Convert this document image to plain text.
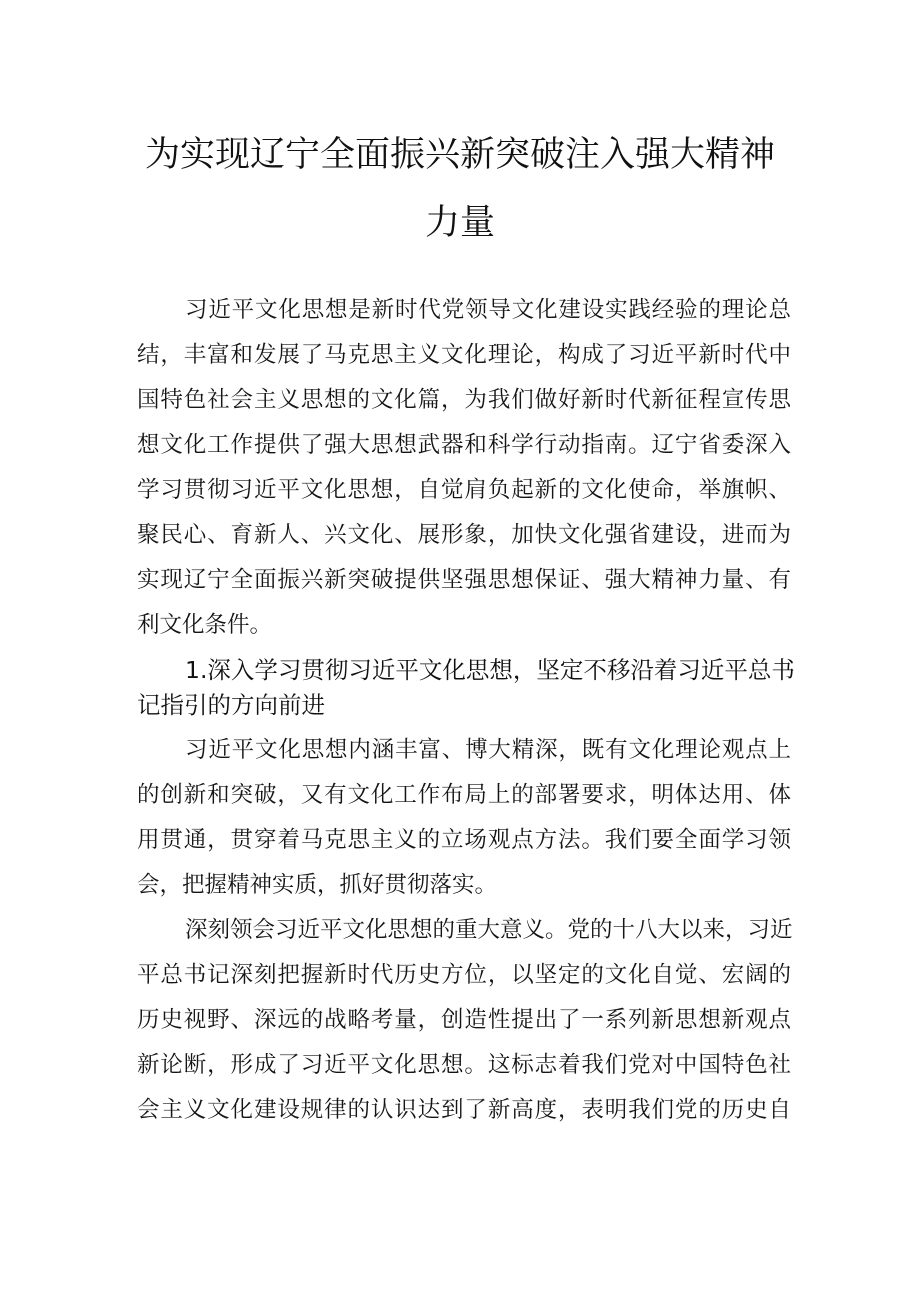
为实现辽宁全面振兴新突破注入强大精神
力量
习近平文化思想是新时代党领导文化建设实践经验的理论总
结，丰富和发展了马克思主义文化理论，构成了习近平新时代中
国特色社会主义思想的文化篇，为我们做好新时代新征程宣传思
想文化工作提供了强大思想武器和科学行动指南。辽宁省委深入
学习贯彻习近平文化思想，自觉肩负起新的文化使命，举旗帜、
聚民心、育新人、兴文化、展形象，加快文化强省建设，进而为
实现辽宁全面振兴新突破提供坚强思想保证、强大精神力量、有
利文化条件。
1.深入学习贯彻习近平文化思想，坚定不移沿着习近平总书
记指引的方向前进
习近平文化思想内涵丰富、博大精深，既有文化理论观点上
的创新和突破，又有文化工作布局上的部署要求，明体达用、体
用贯通，贯穿着马克思主义的立场观点方法。我们要全面学习领
会，把握精神实质，抓好贯彻落实。
深刻领会习近平文化思想的重大意义。党的十八大以来，习近
平总书记深刻把握新时代历史方位，以坚定的文化自觉、宏阔的
历史视野、深远的战略考量，创造性提出了一系列新思想新观点
新论断，形成了习近平文化思想。这标志着我们党对中国特色社
会主义文化建设规律的认识达到了新高度，表明我们党的历史自
